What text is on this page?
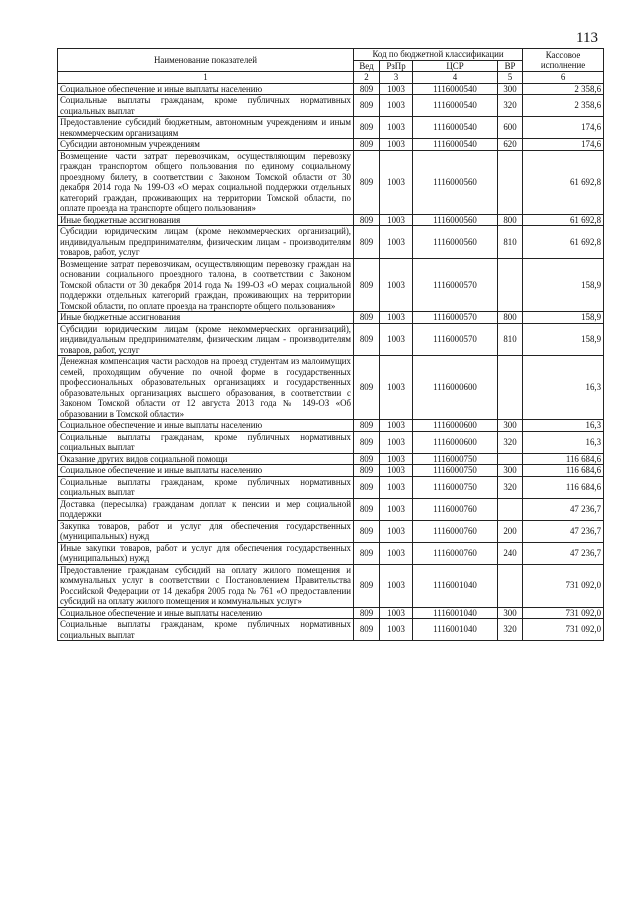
113
Наименование показателей	Код по бюджетной классификации				Кассовое исполнение
	Вед	РзПр	ЦСР	ВР	
1	2	3	4	5	6
Социальное обеспечение и иные выплаты населению	809	1003	1116000540	300	2 358,6
Социальные выплаты гражданам, кроме публичных нормативных социальных выплат	809	1003	1116000540	320	2 358,6
Предоставление субсидий бюджетным, автономным учреждениям и иным некоммерческим организациям	809	1003	1116000540	600	174,6
Субсидии автономным учреждениям	809	1003	1116000540	620	174,6
Возмещение части затрат перевозчикам, осуществляющим перевозку граждан транспортом общего пользования по единому социальному проездному билету, в соответствии с Законом Томской области от 30 декабря 2014 года № 199-ОЗ «О мерах социальной поддержки отдельных категорий граждан, проживающих на территории Томской области, по оплате проезда на транспорте общего пользования»	809	1003	1116000560		61 692,8
Иные бюджетные ассигнования	809	1003	1116000560	800	61 692,8
Субсидии юридическим лицам (кроме некоммерческих организаций), индивидуальным предпринимателям, физическим лицам - производителям товаров, работ, услуг	809	1003	1116000560	810	61 692,8
Возмещение затрат перевозчикам, осуществляющим перевозку граждан на основании социального проездного талона, в соответствии с Законом Томской области от 30 декабря 2014 года № 199-ОЗ «О мерах социальной поддержки отдельных категорий граждан, проживающих на территории Томской области, по оплате проезда на транспорте общего пользования»	809	1003	1116000570		158,9
Иные бюджетные ассигнования	809	1003	1116000570	800	158,9
Субсидии юридическим лицам (кроме некоммерческих организаций), индивидуальным предпринимателям, физическим лицам - производителям товаров, работ, услуг	809	1003	1116000570	810	158,9
Денежная компенсация части расходов на проезд студентам из малоимущих семей, проходящим обучение по очной форме в государственных профессиональных образовательных организациях и государственных образовательных организациях высшего образования, в соответствии с Законом Томской области от 12 августа 2013 года № 149-ОЗ «Об образовании в Томской области»	809	1003	1116000600		16,3
Социальное обеспечение и иные выплаты населению	809	1003	1116000600	300	16,3
Социальные выплаты гражданам, кроме публичных нормативных социальных выплат	809	1003	1116000600	320	16,3
Оказание других видов социальной помощи	809	1003	1116000750		116 684,6
Социальное обеспечение и иные выплаты населению	809	1003	1116000750	300	116 684,6
Социальные выплаты гражданам, кроме публичных нормативных социальных выплат	809	1003	1116000750	320	116 684,6
Доставка (пересылка) гражданам доплат к пенсии и мер социальной поддержки	809	1003	1116000760		47 236,7
Закупка товаров, работ и услуг для обеспечения государственных (муниципальных) нужд	809	1003	1116000760	200	47 236,7
Иные закупки товаров, работ и услуг для обеспечения государственных (муниципальных) нужд	809	1003	1116000760	240	47 236,7
Предоставление гражданам субсидий на оплату жилого помещения и коммунальных услуг в соответствии с Постановлением Правительства Российской Федерации от 14 декабря 2005 года № 761 «О предоставлении субсидий на оплату жилого помещения и коммунальных услуг»	809	1003	1116001040		731 092,0
Социальное обеспечение и иные выплаты населению	809	1003	1116001040	300	731 092,0
Социальные выплаты гражданам, кроме публичных нормативных социальных выплат	809	1003	1116001040	320	731 092,0
